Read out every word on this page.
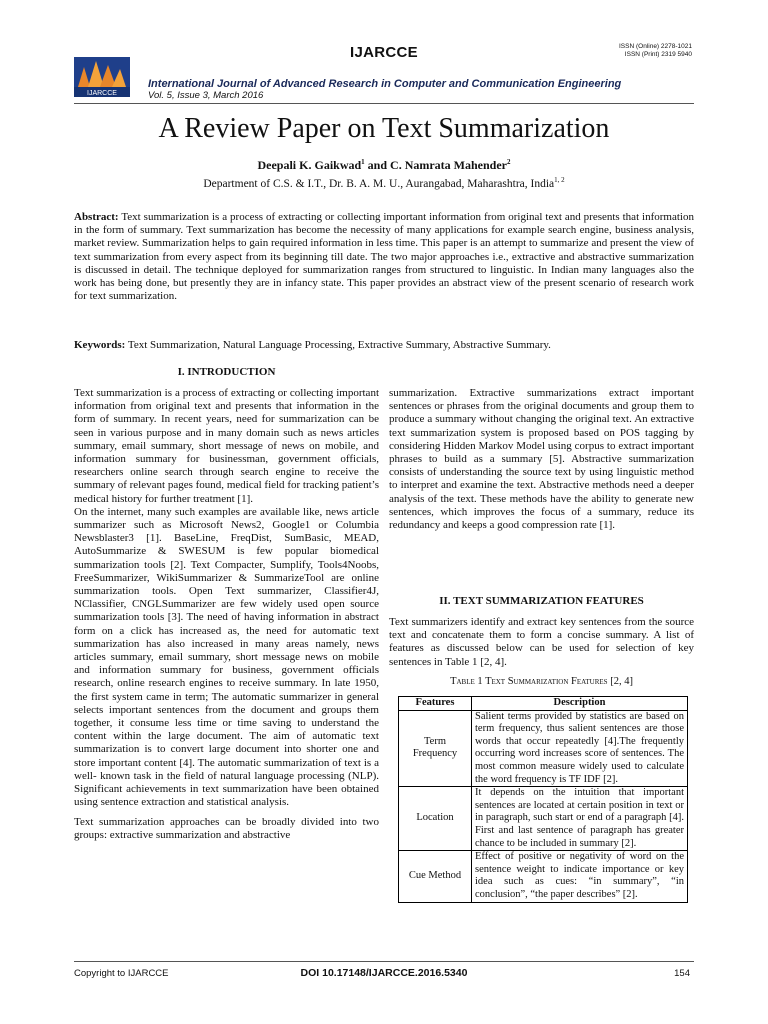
IJARCCE	ISSN (Online) 2278-1021
ISSN (Print) 2319 5940
IJARCCE
International Journal of Advanced Research in Computer and Communication Engineering
Vol. 5, Issue 3, March 2016
A Review Paper on Text Summarization
Deepali K. Gaikwad$^1$ and C. Namrata Mahender$^2$
Department of C.S. & I.T., Dr. B. A. M. U., Aurangabad, Maharashtra, India$^{1, 2}$
Abstract: Text summarization is a process of extracting or collecting important information from original text and presents that information in the form of summary. Text summarization has become the necessity of many applications for example search engine, business analysis, market review. Summarization helps to gain required information in less time. This paper is an attempt to summarize and present the view of text summarization from every aspect from its beginning till date. The two major approaches i.e., extractive and abstractive summarization is discussed in detail. The technique deployed for summarization ranges from structured to linguistic. In Indian many languages also the work has being done, but presently they are in infancy state. This paper provides an abstract view of the present scenario of research work for text summarization.
Keywords: Text Summarization, Natural Language Processing, Extractive Summary, Abstractive Summary.
I. INTRODUCTION

Text summarization is a process of extracting or collecting important information from original text and presents that information in the form of summary. In recent years, need for summarization can be seen in various purpose and in many domain such as news articles summary, email summary, short message of news on mobile, and information summary for businessman, government officials, researchers online search through search engine to receive the summary of relevant pages found, medical field for tracking patient’s medical history for further treatment [1].

On the internet, many such examples are available like, news article summarizer such as Microsoft News2, Google1 or Columbia Newsblaster3 [1]. BaseLine, FreqDist, SumBasic, MEAD, AutoSummarize & SWESUM is few popular biomedical summarization tools [2]. Text Compacter, Sumplify, Tools4Noobs, FreeSummarizer, WikiSummarizer & SummarizeTool are online summarization tools. Open Text summarizer, Classifier4J, NClassifier, CNGLSummarizer are few widely used open source summarization tools [3]. The need of having information in abstract form on a click has increased as, the need for automatic text summarization has also increased in many areas namely, news articles summary, email summary, short message news on mobile and information summary for business, government officials research, online research engines to receive summary. In late 1950, the first system came in term; The automatic summarizer in general selects important sentences from the document and groups them together, it consume less time or time saving to understand the content within the large document. The aim of automatic text summarization is to convert large document into shorter one and store important content [4]. The automatic summarization of text is a well- known task in the field of natural language processing (NLP). Significant achievements in text summarization have been obtained using sentence extraction and statistical analysis.

Text summarization approaches can be broadly divided into two groups: extractive summarization and abstractive

summarization. Extractive summarizations extract important sentences or phrases from the original documents and group them to produce a summary without changing the original text. An extractive text summarization system is proposed based on POS tagging by considering Hidden Markov Model using corpus to extract important phrases to build as a summary [5]. Abstractive summarization consists of understanding the source text by using linguistic method to interpret and examine the text. Abstractive methods need a deeper analysis of the text. These methods have the ability to generate new sentences, which improves the focus of a summary, reduce its redundancy and keeps a good compression rate [1].

II. TEXT SUMMARIZATION FEATURES

Text summarizers identify and extract key sentences from the source text and concatenate them to form a concise summary. A list of features as discussed below can be used for selection of key sentences in Table 1 [2, 4].

Table 1 Text Summarization Features [2, 4]
Features	Description
Term Frequency	Salient terms provided by statistics are based on term frequency, thus salient sentences are those words that occur repeatedly [4].The frequently occurring word increases score of sentences. The most common measure widely used to calculate the word frequency is TF IDF [2].
Location	It depends on the intuition that important sentences are located at certain position in text or in paragraph, such start or end of a paragraph [4]. First and last sentence of paragraph has greater chance to be included in summary [2].
Cue Method	Effect of positive or negativity of word on the sentence weight to indicate importance or key idea such as cues: “in summary”, “in conclusion”, “the paper describes” [2].
Copyright to IJARCCE	DOI 10.17148/IJARCCE.2016.5340	154
